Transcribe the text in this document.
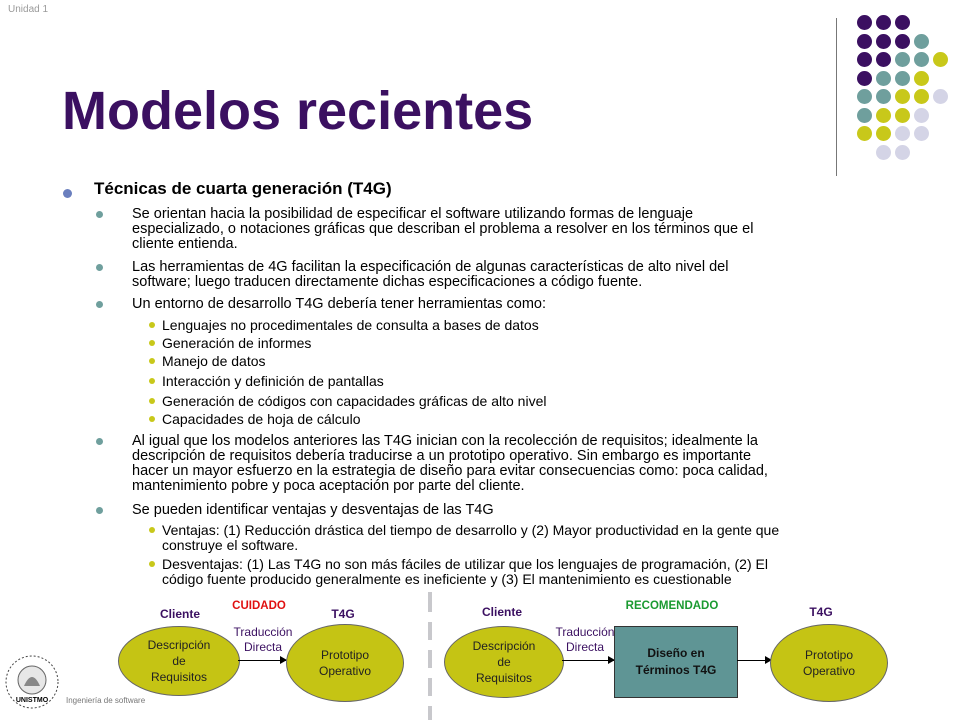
Unidad 1
Modelos recientes
Técnicas de cuarta generación (T4G)
Se orientan hacia la posibilidad de especificar el software utilizando formas de lenguaje
especializado, o notaciones gráficas que describan el problema a resolver en los términos que el
cliente entienda.
Las herramientas de 4G facilitan la especificación de algunas características de alto nivel del
software; luego traducen directamente dichas especificaciones a código fuente.
Un entorno de desarrollo T4G debería tener herramientas como:
Lenguajes no procedimentales de consulta a bases de datos
Generación de informes
Manejo de datos
Interacción y definición de pantallas
Generación de códigos con capacidades gráficas de alto nivel
Capacidades de hoja de cálculo
Al igual que los modelos anteriores las T4G inician con la recolección de requisitos; idealmente la
descripción de requisitos debería traducirse a un prototipo operativo. Sin embargo es importante
hacer un mayor esfuerzo en la estrategia de diseño para evitar consecuencias como: poca calidad,
mantenimiento pobre y poca aceptación por parte del cliente.
Se pueden identificar ventajas y desventajas de las T4G
Ventajas: (1) Reducción drástica del tiempo de desarrollo y (2) Mayor productividad en la gente que
construye el software.
Desventajas: (1) Las T4G no son más fáciles de utilizar que los lenguajes de programación, (2) El
código fuente producido generalmente es ineficiente y (3) El mantenimiento es cuestionable
CUIDADO
Cliente	T4G
Descripción
de
Requisitos
Traducción
Directa
Prototipo
Operativo
RECOMENDADO
Cliente	T4G
Descripción
de
Requisitos
Traducción
Directa	Diseño en
Términos T4G
Prototipo
Operativo
UNISTMO Ingeniería de software
